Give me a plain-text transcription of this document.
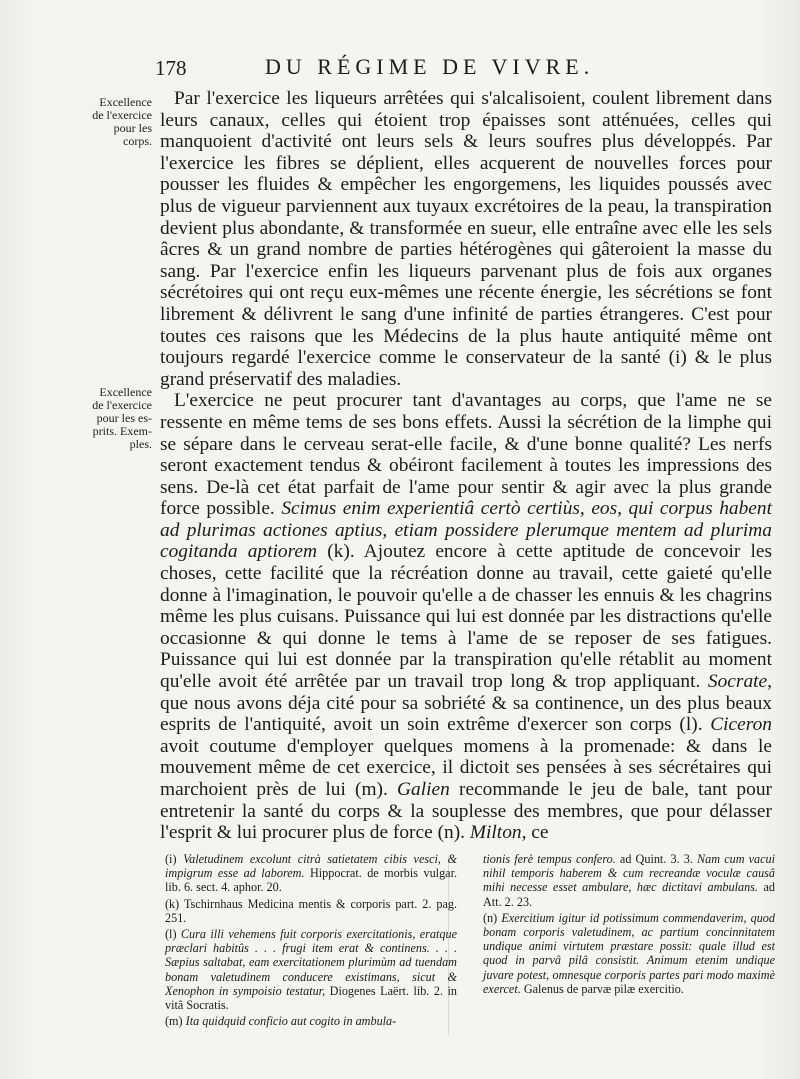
178	DU RÉGIME DE VIVRE.
Excellence
de l'exercice
pour les
corps.
Excellence
de l'exercice
pour les es-
prits. Exem-
ples.

Par l'exercice les liqueurs arrêtées qui s'alcalisoient, coulent librement dans leurs canaux, celles qui étoient trop épaisses sont atténuées, celles qui manquoient d'activité ont leurs sels & leurs soufres plus développés. Par l'exercice les fibres se déplient, elles acquerent de nouvelles forces pour pousser les fluides & empêcher les engorgemens, les liquides poussés avec plus de vigueur parviennent aux tuyaux excrétoires de la peau, la transpiration devient plus abondante, & transformée en sueur, elle entraîne avec elle les sels âcres & un grand nombre de parties hétérogènes qui gâteroient la masse du sang. Par l'exercice enfin les liqueurs parvenant plus de fois aux organes sécrétoires qui ont reçu eux-mêmes une récente énergie, les sécrétions se font librement & délivrent le sang d'une infinité de parties étrangeres. C'est pour toutes ces raisons que les Médecins de la plus haute antiquité même ont toujours regardé l'exercice comme le conservateur de la santé (i) & le plus grand préservatif des maladies.

L'exercice ne peut procurer tant d'avantages au corps, que l'ame ne se ressente en même tems de ses bons effets. Aussi la sécrétion de la limphe qui se sépare dans le cerveau serat-elle facile, & d'une bonne qualité? Les nerfs seront exactement tendus & obéiront facilement à toutes les impressions des sens. De-là cet état parfait de l'ame pour sentir & agir avec la plus grande force possible. Scimus enim experientiâ certò certiùs, eos, qui corpus habent ad plurimas actiones aptius, etiam possidere plerumque mentem ad plurima cogitanda aptiorem (k). Ajoutez encore à cette aptitude de concevoir les choses, cette facilité que la récréation donne au travail, cette gaieté qu'elle donne à l'imagination, le pouvoir qu'elle a de chasser les ennuis & les chagrins même les plus cuisans. Puissance qui lui est donnée par les distractions qu'elle occasionne & qui donne le tems à l'ame de se reposer de ses fatigues. Puissance qui lui est donnée par la transpiration qu'elle rétablit au moment qu'elle avoit été arrêtée par un travail trop long & trop appliquant. Socrate, que nous avons déja cité pour sa sobriété & sa continence, un des plus beaux esprits de l'antiquité, avoit un soin extrême d'exercer son corps (l). Ciceron avoit coutume d'employer quelques momens à la promenade: & dans le mouvement même de cet exercice, il dictoit ses pensées à ses sécrétaires qui marchoient près de lui (m). Galien recommande le jeu de bale, tant pour entretenir la santé du corps & la souplesse des membres, que pour délasser l'esprit & lui procurer plus de force (n). Milton, ce

(i) Valetudinem excolunt citrà satietatem cibis vesci, & impigrum esse ad laborem. Hippocrat. de morbis vulgar. lib. 6. sect. 4. aphor. 20.

(k) Tschirnhaus Medicina mentis & corporis part. 2. pag. 251.

(l) Cura illi vehemens fuit corporis exercitationis, eratque præclari habitûs . . . frugi item erat & continens. . . . Sæpius saltabat, eam exercitationem plurimùm ad tuendam bonam valetudinem conducere existimans, sicut & Xenophon in sympoisio testatur, Diogenes Laërt. lib. 2. in vitâ Socratis.

(m) Ita quidquid conficio aut cogito in ambula-

tionis ferè tempus confero. ad Quint. 3. 3. Nam cum vacui nihil temporis haberem & cum recreandæ voculæ causâ mihi necesse esset ambulare, hæc dictitavi ambulans. ad Att. 2. 23.

(n) Exercitium igitur id potissimum commendaverim, quod bonam corporis valetudinem, ac partium concinnitatem undique animi virtutem præstare possit: quale illud est quod in parvâ pilâ consistit. Animum etenim undique juvare potest, omnesque corporis partes pari modo maximè exercet. Galenus de parvæ pilæ exercitio.
